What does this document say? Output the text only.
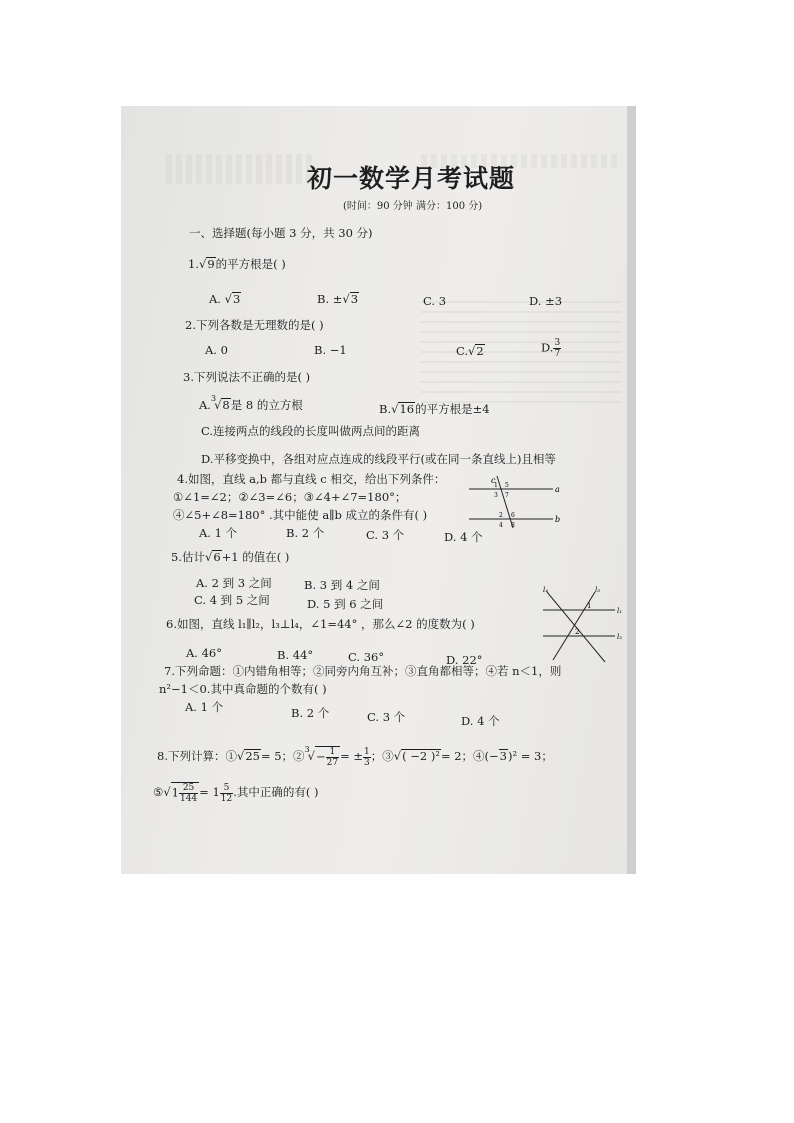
初一数学月考试题
(时间：90 分钟 满分：100 分)
一、选择题(每小题 3 分，共 30 分)
1.√9的平方根是( )
A. √3	B. ±√3	C. 3	D. ±3
2.下列各数是无理数的是( )
A. 0	B. −1	C.√2	D. $\frac{3}{7}$
3.下列说法不正确的是( )
A.$^3$√8是 8 的立方根	B.√16的平方根是±4
C.连接两点的线段的长度叫做两点间的距离
D.平移变换中，各组对应点连成的线段平行(或在同一条直线上)且相等
4.如图，直线 a,b 都与直线 c 相交，给出下列条件：
①∠1=∠2；②∠3=∠6；③∠4+∠7=180°；
④∠5+∠8=180° .其中能使 a∥b 成立的条件有( )
A. 1 个	B. 2 个	C. 3 个	D. 4 个
a
b
c
1
3
5
7
2
4
6
8
5.估计√6+1 的值在( )
A. 2 到 3 之间	B. 3 到 4 之间
C. 4 到 5 之间	D. 5 到 6 之间
l₄	l₃
l₁
l₂
1
2
6.如图，直线 l₁∥l₂，l₃⊥l₄，∠1=44° ，那么∠2 的度数为( )
A. 46°	B. 44°	C. 36°	D. 22°
7.下列命题：①内错角相等；②同旁内角互补；③直角都相等；④若 n＜1，则
n²−1＜0.其中真命题的个数有( )
A. 1 个	B. 2 个	C. 3 个	D. 4 个
8.下列计算：①√25= 5；②$^3$√− $\frac{1}{27}$ = ± $\frac{1}{3}$ ；③√( −2 )²= 2；④(−3)² = 3；
⑤√1 $\frac{25}{144} = 1 \frac{5}{12}$ .其中正确的有( )
